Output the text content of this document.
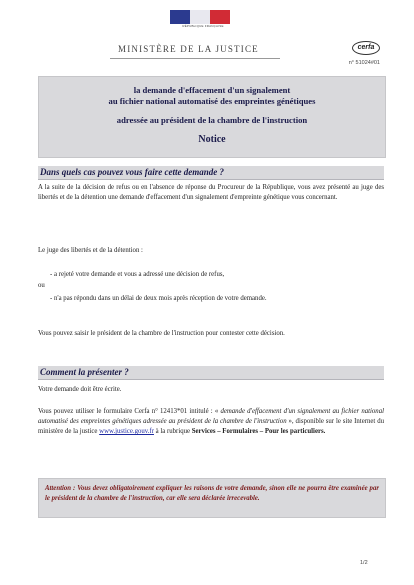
RÉPUBLIQUE FRANÇAISE
MINISTÈRE DE LA JUSTICE	cerfa
n° 51024#01
la demande d'effacement d'un signalement
au fichier national automatisé des empreintes génétiques
adressée au président de la chambre de l'instruction
Notice
Dans quels cas pouvez vous faire cette demande ?
A la suite de la décision de refus ou en l'absence de réponse du Procureur de la République, vous avez présenté au juge des libertés et de la détention une demande d'effacement d'un signalement d'empreinte génétique vous concernant.
Le juge des libertés et de la détention :
- a rejeté votre demande et vous a adressé une décision de refus,
ou
- n'a pas répondu dans un délai de deux mois après réception de votre demande.
Vous pouvez saisir le président de la chambre de l'instruction pour contester cette décision.
Comment la présenter ?
Votre demande doit être écrite.
Vous pouvez utiliser le formulaire Cerfa n° 12413*01 intitulé : « demande d'effacement d'un signalement au fichier national automatisé des empreintes génétiques adressée au président de la chambre de l'instruction », disponible sur le site Internet du ministère de la justice www.justice.gouv.fr à la rubrique Services – Formulaires – Pour les particuliers.
Attention : Vous devez obligatoirement expliquer les raisons de votre demande, sinon elle ne pourra être examinée par le président de la chambre de l'instruction, car elle sera déclarée irrecevable.
1/2
